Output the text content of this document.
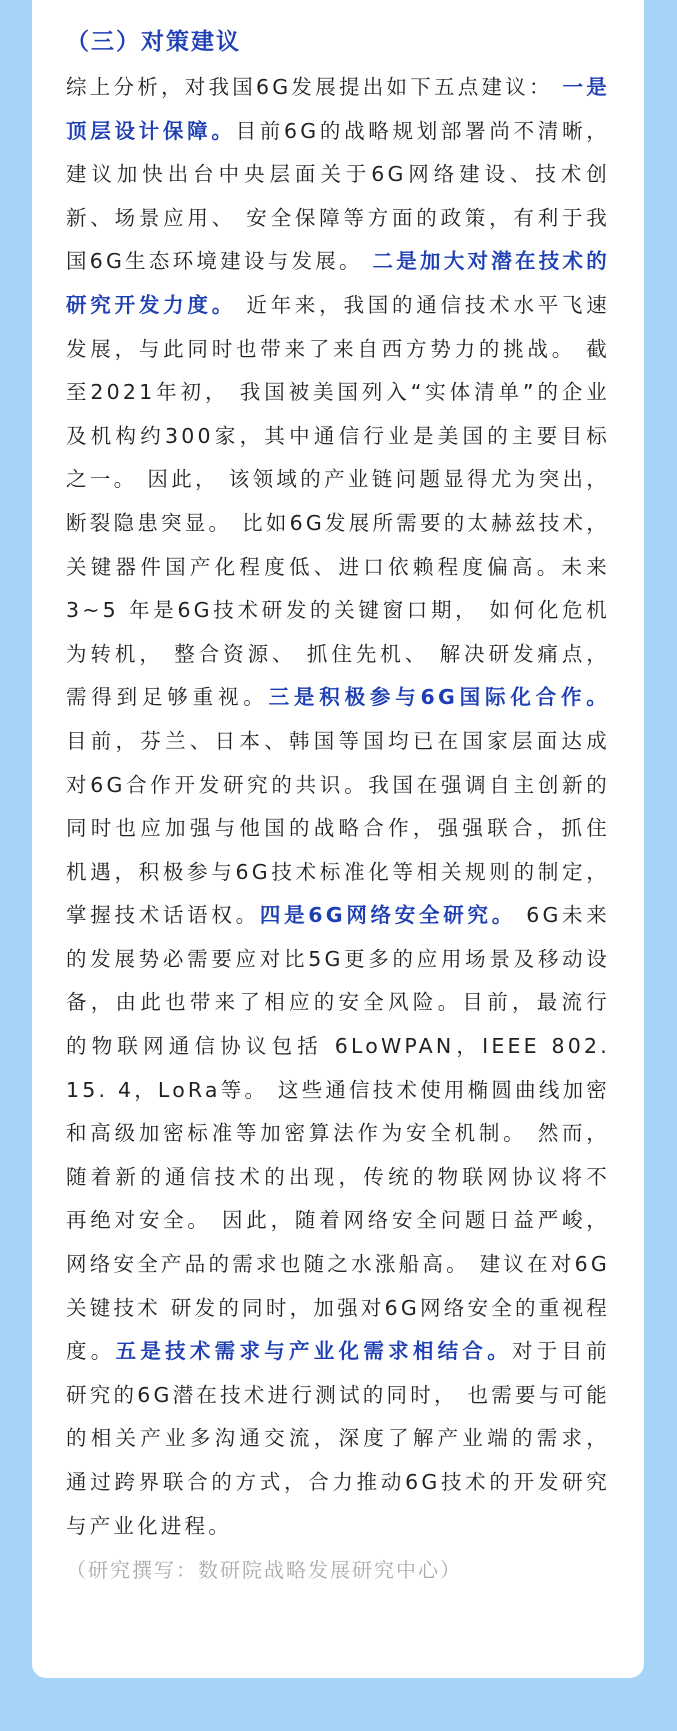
（三）对策建议

综上分析，对我国6G发展提出如下五点建议： 一是顶层设计保障。目前6G的战略规划部署尚不清晰，建议加快出台中央层面关于6G网络建设、技术创新、场景应用、 安全保障等方面的政策，有利于我国6G生态环境建设与发展。 二是加大对潜在技术的研究开发力度。 近年来，我国的通信技术水平飞速发展，与此同时也带来了来自西方势力的挑战。 截至2021年初， 我国被美国列入“实体清单”的企业及机构约300家，其中通信行业是美国的主要目标之一。 因此， 该领域的产业链问题显得尤为突出， 断裂隐患突显。 比如6G发展所需要的太赫兹技术，关键器件国产化程度低、进口依赖程度偏高。未来 3~5 年是6G技术研发的关键窗口期， 如何化危机为转机， 整合资源、 抓住先机、 解决研发痛点， 需得到足够重视。三是积极参与6G国际化合作。 目前，芬兰、日本、韩国等国均已在国家层面达成对6G合作开发研究的共识。我国在强调自主创新的同时也应加强与他国的战略合作，强强联合，抓住机遇，积极参与6G技术标准化等相关规则的制定，掌握技术话语权。四是6G网络安全研究。 6G未来的发展势必需要应对比5G更多的应用场景及移动设备，由此也带来了相应的安全风险。目前，最流行的物联网通信协议包括 6LoWPAN，IEEE 802. 15. 4，LoRa等。 这些通信技术使用椭圆曲线加密和高级加密标准等加密算法作为安全机制。 然而，随着新的通信技术的出现，传统的物联网协议将不再绝对安全。 因此，随着网络安全问题日益严峻，网络安全产品的需求也随之水涨船高。 建议在对6G关键技术 研发的同时，加强对6G网络安全的重视程度。五是技术需求与产业化需求相结合。对于目前研究的6G潜在技术进行测试的同时， 也需要与可能的相关产业多沟通交流，深度了解产业端的需求， 通过跨界联合的方式，合力推动6G技术的开发研究与产业化进程。

（研究撰写：数研院战略发展研究中心）
